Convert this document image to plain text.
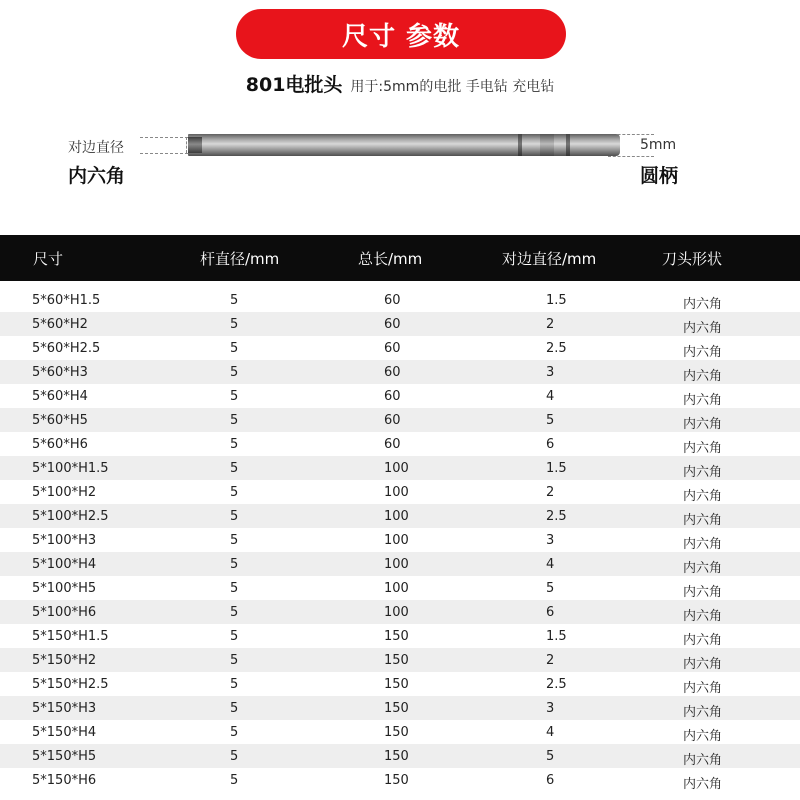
尺寸 参数
801电批头 用于:5mm的电批 手电钻 充电钻
对边直径
内六角
5mm
圆柄
尺寸	杆直径/mm	总长/mm	对边直径/mm	刀头形状
5*60*H1.5	5	60	1.5	内六角
5*60*H2	5	60	2	内六角
5*60*H2.5	5	60	2.5	内六角
5*60*H3	5	60	3	内六角
5*60*H4	5	60	4	内六角
5*60*H5	5	60	5	内六角
5*60*H6	5	60	6	内六角
5*100*H1.5	5	100	1.5	内六角
5*100*H2	5	100	2	内六角
5*100*H2.5	5	100	2.5	内六角
5*100*H3	5	100	3	内六角
5*100*H4	5	100	4	内六角
5*100*H5	5	100	5	内六角
5*100*H6	5	100	6	内六角
5*150*H1.5	5	150	1.5	内六角
5*150*H2	5	150	2	内六角
5*150*H2.5	5	150	2.5	内六角
5*150*H3	5	150	3	内六角
5*150*H4	5	150	4	内六角
5*150*H5	5	150	5	内六角
5*150*H6	5	150	6	内六角
